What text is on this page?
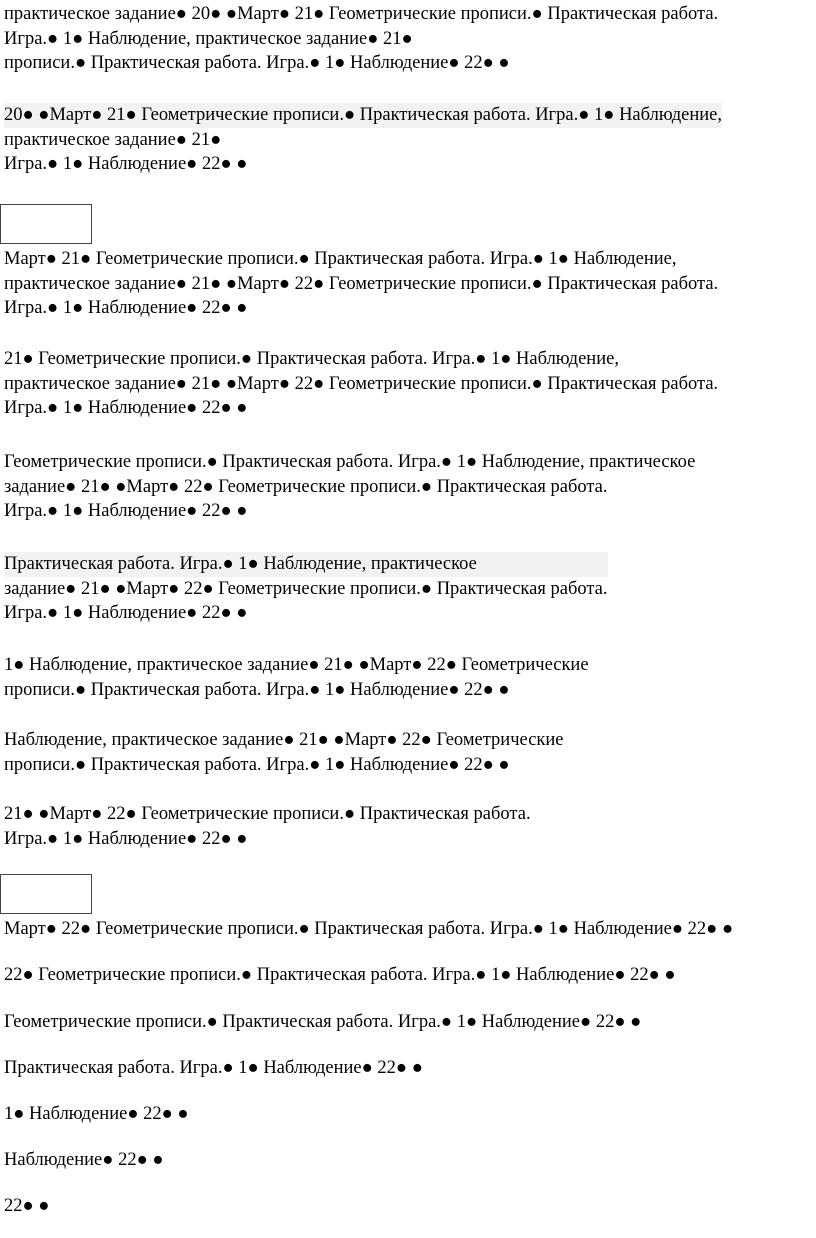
практическое задание● 20● ●Март● 21● Геометрические прописи.● Практическая работа.
Игра.● 1● Наблюдение, практическое задание● 21●
прописи.● Практическая работа. Игра.● 1● Наблюдение● 22● ●

20● ●Март● 21● Геометрические прописи.● Практическая работа. Игра.● 1● Наблюдение,
практическое задание● 21●
Игра.● 1● Наблюдение● 22● ●

Март● 21● Геометрические прописи.● Практическая работа. Игра.● 1● Наблюдение,
практическое задание● 21● ●Март● 22● Геометрические прописи.● Практическая работа.
Игра.● 1● Наблюдение● 22● ●

21● Геометрические прописи.● Практическая работа. Игра.● 1● Наблюдение,
практическое задание● 21● ●Март● 22● Геометрические прописи.● Практическая работа.
Игра.● 1● Наблюдение● 22● ●

Геометрические прописи.● Практическая работа. Игра.● 1● Наблюдение, практическое
задание● 21● ●Март● 22● Геометрические прописи.● Практическая работа.
Игра.● 1● Наблюдение● 22● ●

Практическая работа. Игра.● 1● Наблюдение, практическое
задание● 21● ●Март● 22● Геометрические прописи.● Практическая работа.
Игра.● 1● Наблюдение● 22● ●

1● Наблюдение, практическое задание● 21● ●Март● 22● Геометрические
прописи.● Практическая работа. Игра.● 1● Наблюдение● 22● ●

Наблюдение, практическое задание● 21● ●Март● 22● Геометрические
прописи.● Практическая работа. Игра.● 1● Наблюдение● 22● ●

21● ●Март● 22● Геометрические прописи.● Практическая работа.
Игра.● 1● Наблюдение● 22● ●

Март● 22● Геометрические прописи.● Практическая работа. Игра.● 1● Наблюдение● 22● ●

22● Геометрические прописи.● Практическая работа. Игра.● 1● Наблюдение● 22● ●

Геометрические прописи.● Практическая работа. Игра.● 1● Наблюдение● 22● ●

Практическая работа. Игра.● 1● Наблюдение● 22● ●

1● Наблюдение● 22● ●

Наблюдение● 22● ●

22● ●
